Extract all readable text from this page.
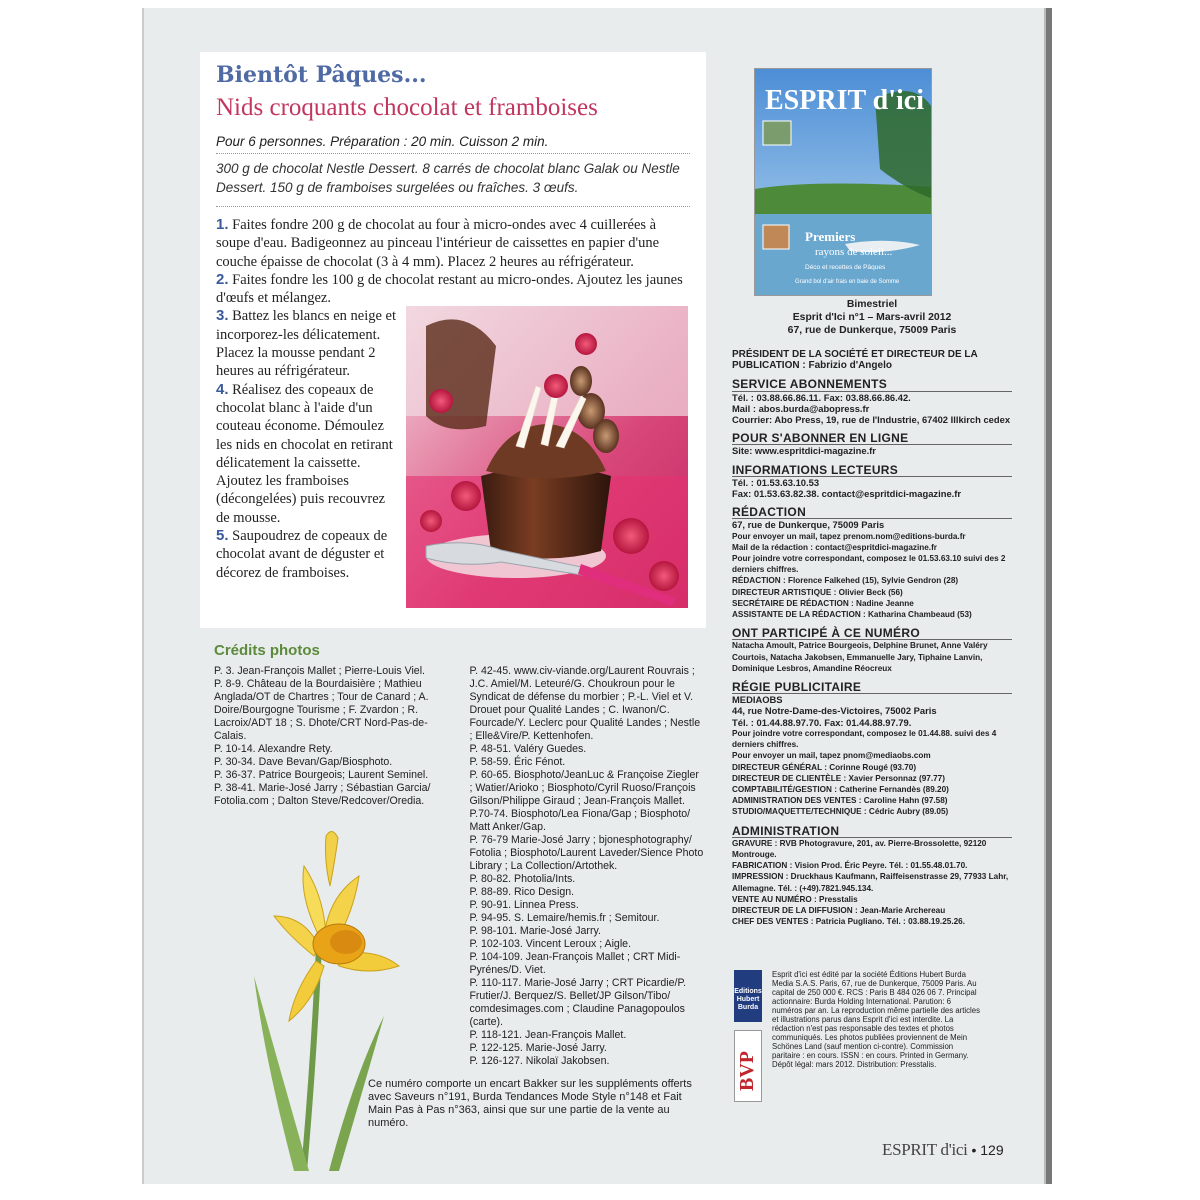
Bientôt Pâques...
Nids croquants chocolat et framboises
Pour 6 personnes. Préparation : 20 min. Cuisson 2 min.
300 g de chocolat Nestle Dessert. 8 carrés de chocolat blanc Galak ou Nestle Dessert. 150 g de framboises surgelées ou fraîches. 3 œufs.

1. Faites fondre 200 g de chocolat au four à micro-ondes avec 4 cuillerées à soupe d'eau. Badigeonnez au pinceau l'intérieur de caissettes en papier d'une couche épaisse de chocolat (3 à 4 mm). Placez 2 heures au réfrigérateur.

2. Faites fondre les 100 g de chocolat restant au micro-ondes. Ajoutez les jaunes d'œufs et mélangez.

3. Battez les blancs en neige et incorporez-les délicatement. Placez la mousse pendant 2 heures au réfrigérateur.

4. Réalisez des copeaux de chocolat blanc à l'aide d'un couteau économe. Démoulez les nids en chocolat en retirant délicatement la caissette. Ajoutez les framboises (décongelées) puis recouvrez de mousse.

5. Saupoudrez de copeaux de chocolat avant de déguster et décorez de framboises.

Crédits photos
P. 3. Jean-François Mallet ; Pierre-Louis Viel.
P. 8-9. Château de la Bourdaisière ; Mathieu Anglada/OT de Chartres ; Tour de Canard ; A. Doire/Bourgogne Tourisme ; F. Zvardon ; R. Lacroix/ADT 18 ; S. Dhote/CRT Nord-Pas-de-Calais.
P. 10-14. Alexandre Rety.
P. 30-34. Dave Bevan/Gap/Biosphoto.
P. 36-37. Patrice Bourgeois; Laurent Seminel.
P. 38-41. Marie-José Jarry ; Sébastian Garcia/ Fotolia.com ; Dalton Steve/Redcover/Oredia.
P. 42-45. www.civ-viande.org/Laurent Rouvrais ; J.C. Amiel/M. Leteuré/G. Choukroun pour le Syndicat de défense du morbier ; P.-L. Viel et V. Drouet pour Qualité Landes ; C. Iwanon/C. Fourcade/Y. Leclerc pour Qualité Landes ; Nestle ; Elle&Vire/P. Kettenhofen.
P. 48-51. Valéry Guedes.
P. 58-59. Éric Fénot.
P. 60-65. Biosphoto/JeanLuc & Françoise Ziegler ; Watier/Arioko ; Biosphoto/Cyril Ruoso/François Gilson/Philippe Giraud ; Jean-François Mallet.
P.70-74. Biosphoto/Lea Fiona/Gap ; Biosphoto/ Matt Anker/Gap.
P. 76-79 Marie-José Jarry ; bjonesphotography/ Fotolia ; Biosphoto/Laurent Laveder/Sience Photo Library ; La Collection/Artothek.
P. 80-82. Photolia/Ints.
P. 88-89. Rico Design.
P. 90-91. Linnea Press.
P. 94-95. S. Lemaire/hemis.fr ; Semitour.
P. 98-101. Marie-José Jarry.
P. 102-103. Vincent Leroux ; Aigle.
P. 104-109. Jean-François Mallet ; CRT Midi-Pyrénes/D. Viet.
P. 110-117. Marie-José Jarry ; CRT Picardie/P. Frutier/J. Berquez/S. Bellet/JP Gilson/Tibo/ comdesimages.com ; Claudine Panagopoulos (carte).
P. 118-121. Jean-François Mallet.
P. 122-125. Marie-José Jarry.
P. 126-127. Nikolaï Jakobsen.
Ce numéro comporte un encart Bakker sur les suppléments offerts avec Saveurs n°191, Burda Tendances Mode Style n°148 et Fait Main Pas à Pas n°363, ainsi que sur une partie de la vente au numéro.
ESPRIT d'ici
Premiers
rayons de soleil...
Déco et recettes de Pâques
Grand bol d'air frais en baie de Somme
Bimestriel
Esprit d'Ici n°1 – Mars-avril 2012
67, rue de Dunkerque, 75009 Paris
PRÉSIDENT DE LA SOCIÉTÉ ET DIRECTEUR DE LA PUBLICATION : Fabrizio d'Angelo
SERVICE ABONNEMENTS
Tél. : 03.88.66.86.11. Fax: 03.88.66.86.42.
Mail : abos.burda@abopress.fr
Courrier: Abo Press, 19, rue de l'Industrie, 67402 Illkirch cedex
POUR S'ABONNER EN LIGNE
Site: www.espritdici-magazine.fr
INFORMATIONS LECTEURS
Tél. : 01.53.63.10.53
Fax: 01.53.63.82.38. contact@espritdici-magazine.fr
RÉDACTION
67, rue de Dunkerque, 75009 Paris
Pour envoyer un mail, tapez prenom.nom@editions-burda.fr
Mail de la rédaction : contact@espritdici-magazine.fr
Pour joindre votre correspondant, composez le 01.53.63.10 suivi des 2 derniers chiffres.
RÉDACTION : Florence Falkehed (15), Sylvie Gendron (28)
DIRECTEUR ARTISTIQUE : Olivier Beck (56)
SECRÉTAIRE DE RÉDACTION : Nadine Jeanne
ASSISTANTE DE LA RÉDACTION : Katharina Chambeaud (53)
ONT PARTICIPÉ À CE NUMÉRO
Natacha Amoult, Patrice Bourgeois, Delphine Brunet, Anne Valéry Courtois, Natacha Jakobsen, Emmanuelle Jary, Tiphaine Lanvin, Dominique Lesbros, Amandine Réocreux
RÉGIE PUBLICITAIRE
MEDIAOBS
44, rue Notre-Dame-des-Victoires, 75002 Paris
Tél. : 01.44.88.97.70. Fax: 01.44.88.97.79.
Pour joindre votre correspondant, composez le 01.44.88. suivi des 4 derniers chiffres.
Pour envoyer un mail, tapez pnom@mediaobs.com
DIRECTEUR GÉNÉRAL : Corinne Rougé (93.70)
DIRECTEUR DE CLIENTÈLE : Xavier Personnaz (97.77)
COMPTABILITÉ/GESTION : Catherine Fernandès (89.20)
ADMINISTRATION DES VENTES : Caroline Hahn (97.58)
STUDIO/MAQUETTE/TECHNIQUE : Cédric Aubry (89.05)
ADMINISTRATION
GRAVURE : RVB Photogravure, 201, av. Pierre-Brossolette, 92120 Montrouge.
FABRICATION : Vision Prod. Éric Peyre. Tél. : 01.55.48.01.70.
IMPRESSION : Druckhaus Kaufmann, Raiffeisenstrasse 29, 77933 Lahr, Allemagne. Tél. : (+49).7821.945.134.
VENTE AU NUMÉRO : Presstalis
DIRECTEUR DE LA DIFFUSION : Jean-Marie Archereau
CHEF DES VENTES : Patricia Pugliano. Tél. : 03.88.19.25.26.
Editions Hubert Burda
BVP
Esprit d'ici est édité par la société Éditions Hubert Burda Media S.A.S. Paris, 67, rue de Dunkerque, 75009 Paris. Au capital de 250 000 €. RCS : Paris B 484 026 06 7. Principal actionnaire: Burda Holding International. Parution: 6 numéros par an. La reproduction même partielle des articles et illustrations parus dans Esprit d'ici est interdite. La rédaction n'est pas responsable des textes et photos communiqués. Les photos publiées proviennent de Mein Schönes Land (sauf mention ci-contre). Commission paritaire : en cours. ISSN : en cours. Printed in Germany. Dépôt légal: mars 2012. Distribution: Presstalis.
ESPRIT d'ici • 129
